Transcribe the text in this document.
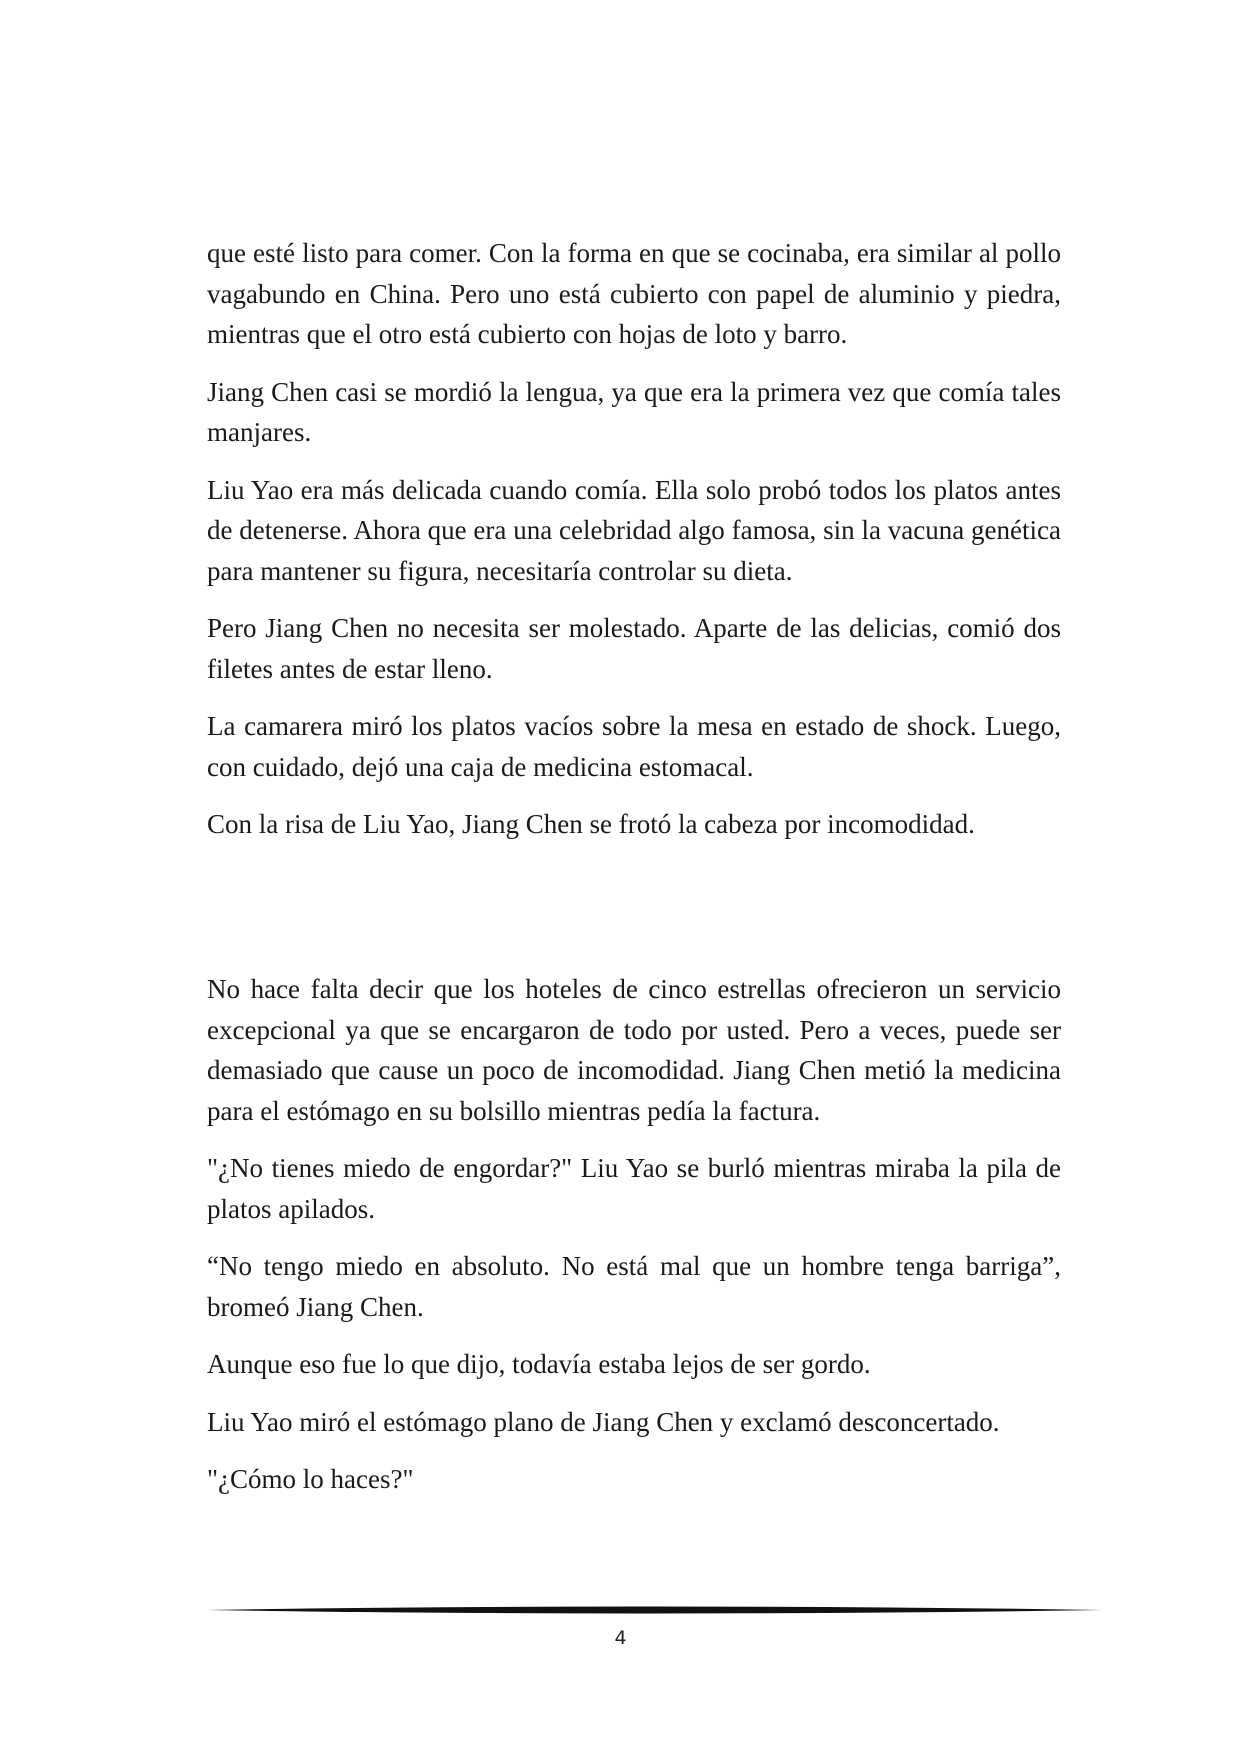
que esté listo para comer. Con la forma en que se cocinaba, era similar al pollo vagabundo en China. Pero uno está cubierto con papel de aluminio y piedra, mientras que el otro está cubierto con hojas de loto y barro.

Jiang Chen casi se mordió la lengua, ya que era la primera vez que comía tales manjares.

Liu Yao era más delicada cuando comía. Ella solo probó todos los platos antes de detenerse. Ahora que era una celebridad algo famosa, sin la vacuna genética para mantener su figura, necesitaría controlar su dieta.

Pero Jiang Chen no necesita ser molestado. Aparte de las delicias, comió dos filetes antes de estar lleno.

La camarera miró los platos vacíos sobre la mesa en estado de shock. Luego, con cuidado, dejó una caja de medicina estomacal.

Con la risa de Liu Yao, Jiang Chen se frotó la cabeza por incomodidad.

No hace falta decir que los hoteles de cinco estrellas ofrecieron un servicio excepcional ya que se encargaron de todo por usted. Pero a veces, puede ser demasiado que cause un poco de incomodidad. Jiang Chen metió la medicina para el estómago en su bolsillo mientras pedía la factura.

"¿No tienes miedo de engordar?" Liu Yao se burló mientras miraba la pila de platos apilados.

“No tengo miedo en absoluto. No está mal que un hombre tenga barriga”, bromeó Jiang Chen.

Aunque eso fue lo que dijo, todavía estaba lejos de ser gordo.

Liu Yao miró el estómago plano de Jiang Chen y exclamó desconcertado.

"¿Cómo lo haces?"

4
